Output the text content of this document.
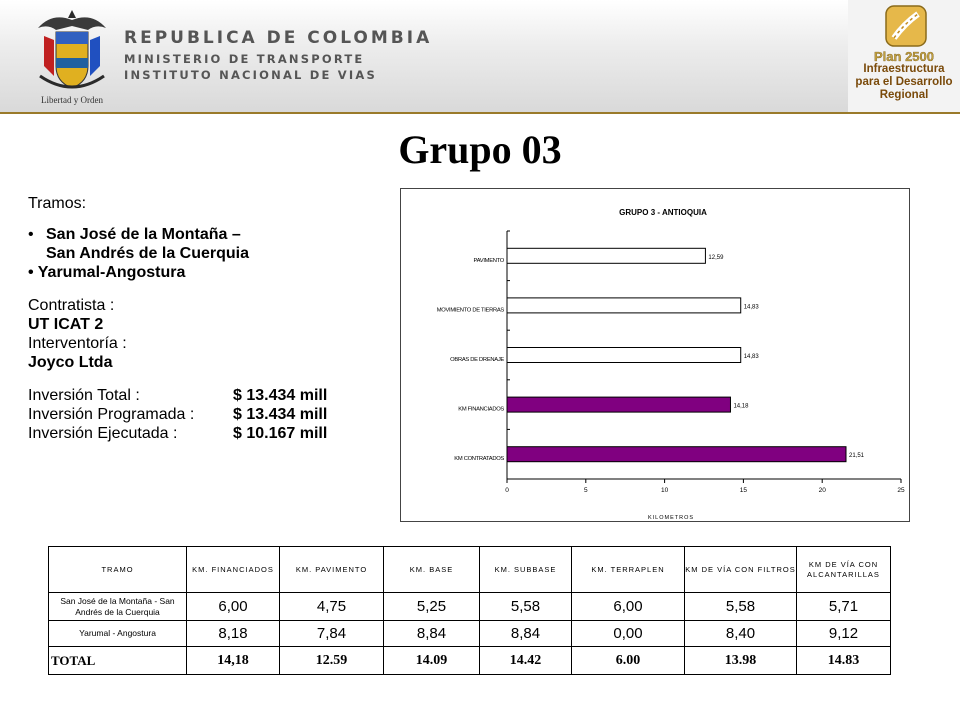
Libertad y Orden
REPUBLICA DE COLOMBIA
MINISTERIO DE TRANSPORTE
INSTITUTO NACIONAL DE VIAS
Plan 2500
Infraestructura
para el Desarrollo
Regional
Grupo 03
Tramos:
• San José de la Montaña –
San Andrés de la Cuerquia
• Yarumal-Angostura
Contratista :
UT ICAT 2
Interventoría :
Joyco Ltda
Inversión Total :	$ 13.434 mill
Inversión Programada :	$ 13.434 mill
Inversión Ejecutada :	$ 10.167 mill
GRUPO 3 - ANTIOQUIA
KILOMETROS
0	5	10	15	20	25
PAVIMENTO	12,59
MOVIMIENTO DE TIERRAS	14,83
OBRAS DE DRENAJE	14,83
KM FINANCIADOS	14,18
KM CONTRATADOS	21,51
TRAMO	KM. FINANCIADOS	KM. PAVIMENTO	KM. BASE	KM. SUBBASE	KM. TERRAPLEN	KM DE VÍA CON FILTROS	KM DE VÍA CON ALCANTARILLAS
San José de la Montaña - San Andrés de la Cuerquia	6,00	4,75	5,25	5,58	6,00	5,58	5,71
Yarumal - Angostura	8,18	7,84	8,84	8,84	0,00	8,40	9,12
TOTAL	14,18	12.59	14.09	14.42	6.00	13.98	14.83
